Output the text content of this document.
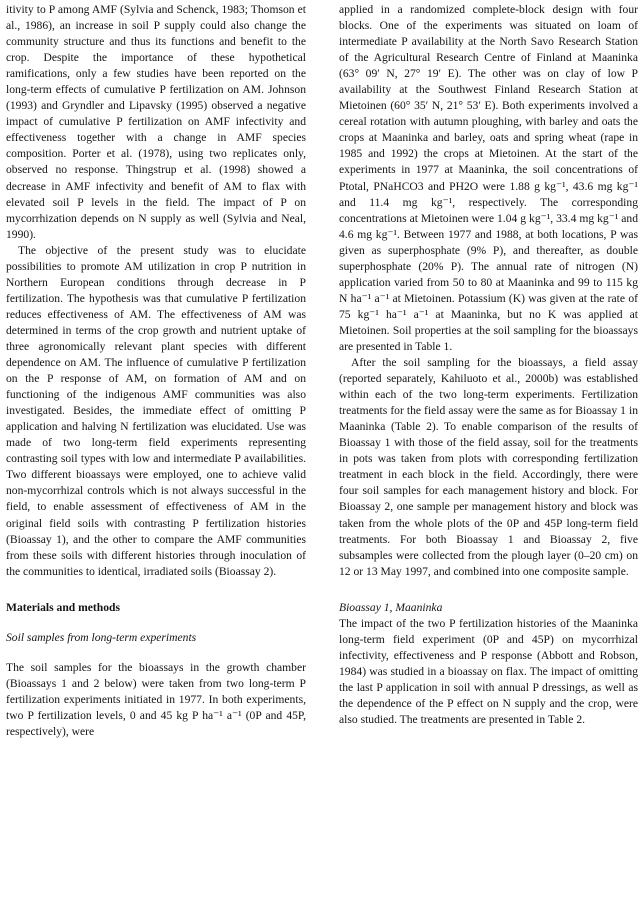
itivity to P among AMF (Sylvia and Schenck, 1983; Thomson et al., 1986), an increase in soil P supply could also change the community structure and thus its functions and benefit to the crop. Despite the importance of these hypothetical ramifications, only a few studies have been reported on the long-term effects of cumulative P fertilization on AM. Johnson (1993) and Gryndler and Lipavsky (1995) observed a negative impact of cumulative P fertilization on AMF infectivity and effectiveness together with a change in AMF species composition. Porter et al. (1978), using two replicates only, observed no response. Thingstrup et al. (1998) showed a decrease in AMF infectivity and benefit of AM to flax with elevated soil P levels in the field. The impact of P on mycorrhization depends on N supply as well (Sylvia and Neal, 1990).

The objective of the present study was to elucidate possibilities to promote AM utilization in crop P nutrition in Northern European conditions through decrease in P fertilization. The hypothesis was that cumulative P fertilization reduces effectiveness of AM. The effectiveness of AM was determined in terms of the crop growth and nutrient uptake of three agronomically relevant plant species with different dependence on AM. The influence of cumulative P fertilization on the P response of AM, on formation of AM and on functioning of the indigenous AMF communities was also investigated. Besides, the immediate effect of omitting P application and halving N fertilization was elucidated. Use was made of two long-term field experiments representing contrasting soil types with low and intermediate P availabilities. Two different bioassays were employed, one to achieve valid non-mycorrhizal controls which is not always successful in the field, to enable assessment of effectiveness of AM in the original field soils with contrasting P fertilization histories (Bioassay 1), and the other to compare the AMF communities from these soils with different histories through inoculation of the communities to identical, irradiated soils (Bioassay 2).

Materials and methods

Soil samples from long-term experiments

The soil samples for the bioassays in the growth chamber (Bioassays 1 and 2 below) were taken from two long-term P fertilization experiments initiated in 1977. In both experiments, two P fertilization levels, 0 and 45 kg P ha⁻¹ a⁻¹ (0P and 45P, respectively), were

applied in a randomized complete-block design with four blocks. One of the experiments was situated on loam of intermediate P availability at the North Savo Research Station of the Agricultural Research Centre of Finland at Maaninka (63° 09′ N, 27° 19′ E). The other was on clay of low P availability at the Southwest Finland Research Station at Mietoinen (60° 35′ N, 21° 53′ E). Both experiments involved a cereal rotation with autumn ploughing, with barley and oats the crops at Maaninka and barley, oats and spring wheat (rape in 1985 and 1992) the crops at Mietoinen. At the start of the experiments in 1977 at Maaninka, the soil concentrations of Ptotal, PNaHCO3 and PH2O were 1.88 g kg⁻¹, 43.6 mg kg⁻¹ and 11.4 mg kg⁻¹, respectively. The corresponding concentrations at Mietoinen were 1.04 g kg⁻¹, 33.4 mg kg⁻¹ and 4.6 mg kg⁻¹. Between 1977 and 1988, at both locations, P was given as superphosphate (9% P), and thereafter, as double superphosphate (20% P). The annual rate of nitrogen (N) application varied from 50 to 80 at Maaninka and 99 to 115 kg N ha⁻¹ a⁻¹ at Mietoinen. Potassium (K) was given at the rate of 75 kg⁻¹ ha⁻¹ a⁻¹ at Maaninka, but no K was applied at Mietoinen. Soil properties at the soil sampling for the bioassays are presented in Table 1.

After the soil sampling for the bioassays, a field assay (reported separately, Kahiluoto et al., 2000b) was established within each of the two long-term experiments. Fertilization treatments for the field assay were the same as for Bioassay 1 in Maaninka (Table 2). To enable comparison of the results of Bioassay 1 with those of the field assay, soil for the treatments in pots was taken from plots with corresponding fertilization treatment in each block in the field. Accordingly, there were four soil samples for each management history and block. For Bioassay 2, one sample per management history and block was taken from the whole plots of the 0P and 45P long-term field treatments. For both Bioassay 1 and Bioassay 2, five subsamples were collected from the plough layer (0–20 cm) on 12 or 13 May 1997, and combined into one composite sample.

Bioassay 1, Maaninka

The impact of the two P fertilization histories of the Maaninka long-term field experiment (0P and 45P) on mycorrhizal infectivity, effectiveness and P response (Abbott and Robson, 1984) was studied in a bioassay on flax. The impact of omitting the last P application in soil with annual P dressings, as well as the dependence of the P effect on N supply and the crop, were also studied. The treatments are presented in Table 2.
